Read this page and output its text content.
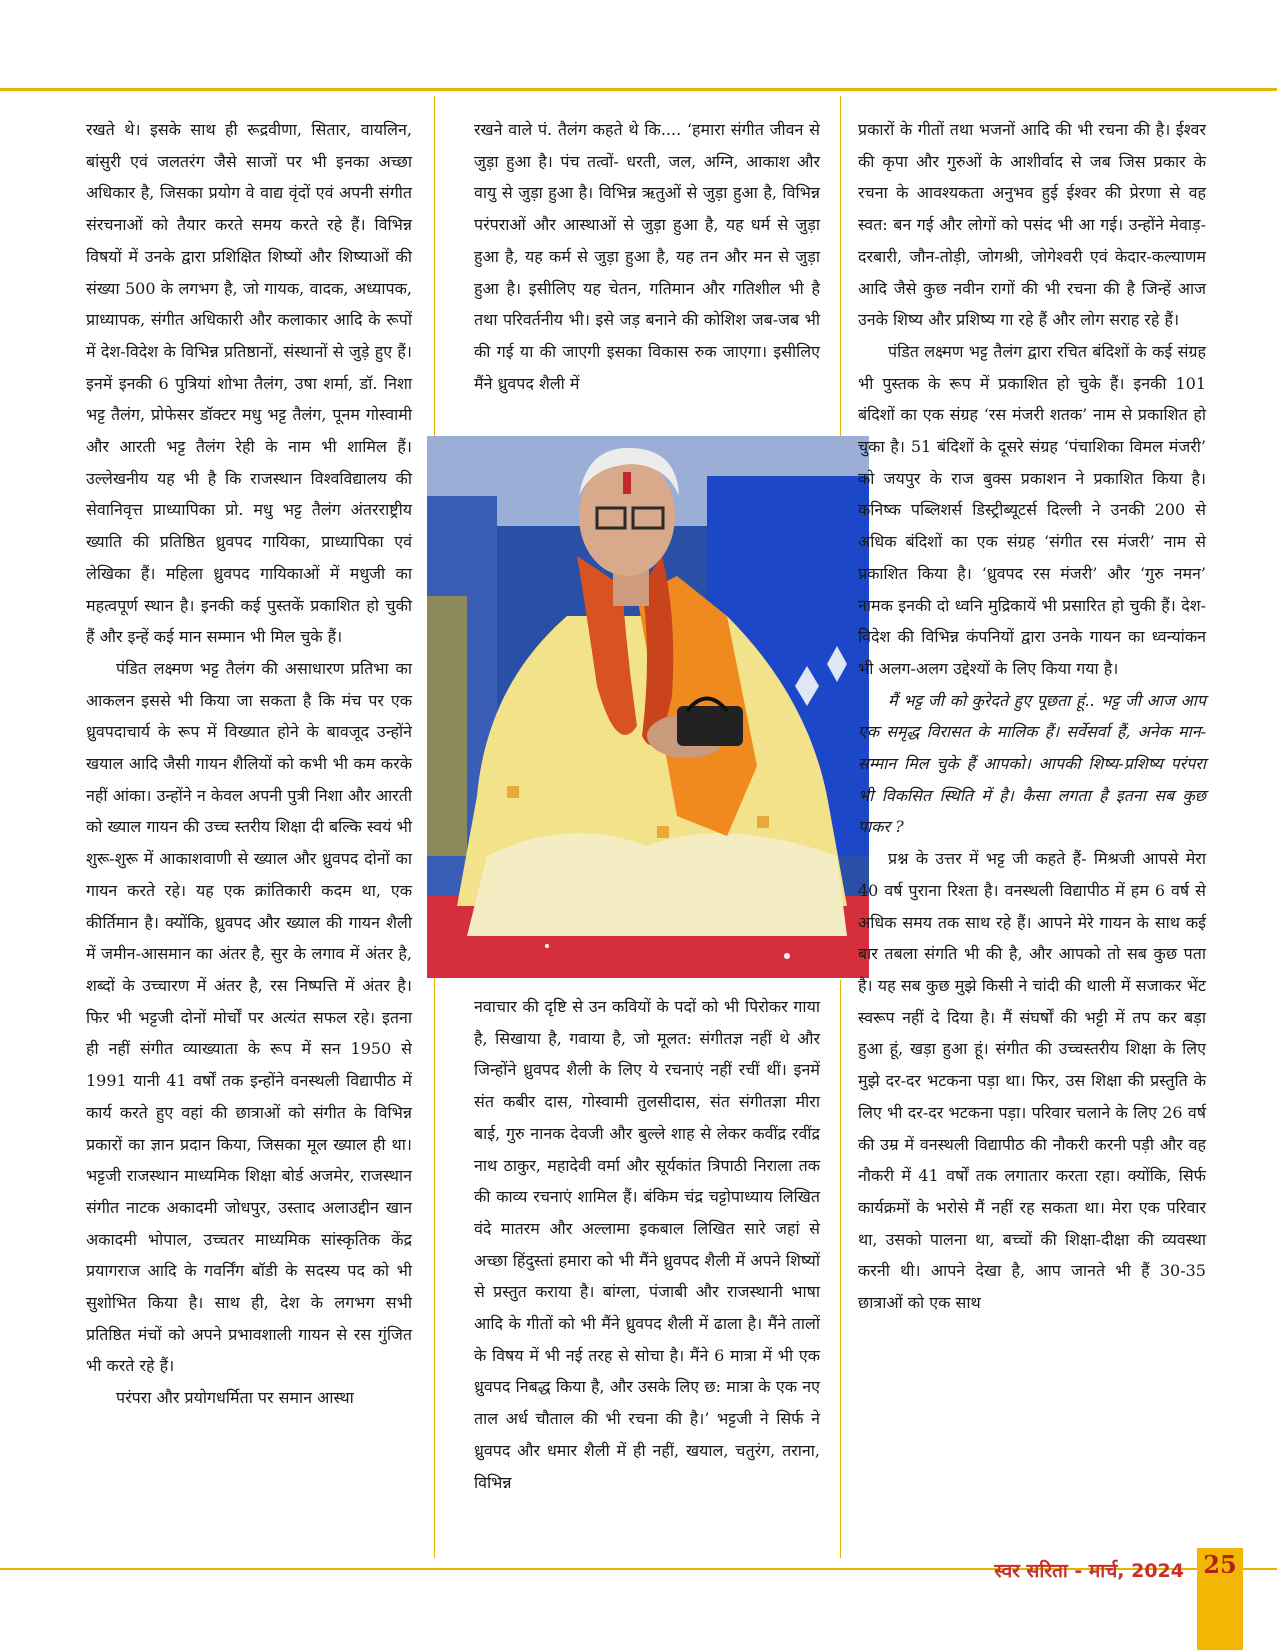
रखते थे। इसके साथ ही रूद्रवीणा, सितार, वायलिन, बांसुरी एवं जलतरंग जैसे साजों पर भी इनका अच्छा अधिकार है, जिसका प्रयोग वे वाद्य वृंदों एवं अपनी संगीत संरचनाओं को तैयार करते समय करते रहे हैं। विभिन्न विषयों में उनके द्वारा प्रशिक्षित शिष्यों और शिष्याओं की संख्या 500 के लगभग है, जो गायक, वादक, अध्यापक, प्राध्यापक, संगीत अधिकारी और कलाकार आदि के रूपों में देश-विदेश के विभिन्न प्रतिष्ठानों, संस्थानों से जुड़े हुए हैं। इनमें इनकी 6 पुत्रियां शोभा तैलंग, उषा शर्मा, डॉ. निशा भट्ट तैलंग, प्रोफेसर डॉक्टर मधु भट्ट तैलंग, पूनम गोस्वामी और आरती भट्ट तैलंग रेही के नाम भी शामिल हैं। उल्लेखनीय यह भी है कि राजस्थान विश्वविद्यालय की सेवानिवृत्त प्राध्यापिका प्रो. मधु भट्ट तैलंग अंतरराष्ट्रीय ख्याति की प्रतिष्ठित ध्रुवपद गायिका, प्राध्यापिका एवं लेखिका हैं। महिला ध्रुवपद गायिकाओं में मधुजी का महत्वपूर्ण स्थान है। इनकी कई पुस्तकें प्रकाशित हो चुकी हैं और इन्हें कई मान सम्मान भी मिल चुके हैं।

पंडित लक्ष्मण भट्ट तैलंग की असाधारण प्रतिभा का आकलन इससे भी किया जा सकता है कि मंच पर एक ध्रुवपदाचार्य के रूप में विख्यात होने के बावजूद उन्होंने खयाल आदि जैसी गायन शैलियों को कभी भी कम करके नहीं आंका। उन्होंने न केवल अपनी पुत्री निशा और आरती को ख्याल गायन की उच्च स्तरीय शिक्षा दी बल्कि स्वयं भी शुरू-शुरू में आकाशवाणी से ख्याल और ध्रुवपद दोनों का गायन करते रहे। यह एक क्रांतिकारी कदम था, एक कीर्तिमान है। क्योंकि, ध्रुवपद और ख्याल की गायन शैली में जमीन-आसमान का अंतर है, सुर के लगाव में अंतर है, शब्दों के उच्चारण में अंतर है, रस निष्पत्ति में अंतर है। फिर भी भट्टजी दोनों मोर्चों पर अत्यंत सफल रहे। इतना ही नहीं संगीत व्याख्याता के रूप में सन 1950 से 1991 यानी 41 वर्षों तक इन्होंने वनस्थली विद्यापीठ में कार्य करते हुए वहां की छात्राओं को संगीत के विभिन्न प्रकारों का ज्ञान प्रदान किया, जिसका मूल ख्याल ही था। भट्टजी राजस्थान माध्यमिक शिक्षा बोर्ड अजमेर, राजस्थान संगीत नाटक अकादमी जोधपुर, उस्ताद अलाउद्दीन खान अकादमी भोपाल, उच्चतर माध्यमिक सांस्कृतिक केंद्र प्रयागराज आदि के गवर्निंग बॉडी के सदस्य पद को भी सुशोभित किया है। साथ ही, देश के लगभग सभी प्रतिष्ठित मंचों को अपने प्रभावशाली गायन से रस गुंजित भी करते रहे हैं।

परंपरा और प्रयोगधर्मिता पर समान आस्था

रखने वाले पं. तैलंग कहते थे कि.... ‘हमारा संगीत जीवन से जुड़ा हुआ है। पंच तत्वों- धरती, जल, अग्नि, आकाश और वायु से जुड़ा हुआ है। विभिन्न ऋतुओं से जुड़ा हुआ है, विभिन्न परंपराओं और आस्थाओं से जुड़ा हुआ है, यह धर्म से जुड़ा हुआ है, यह कर्म से जुड़ा हुआ है, यह तन और मन से जुड़ा हुआ है। इसीलिए यह चेतन, गतिमान और गतिशील भी है तथा परिवर्तनीय भी। इसे जड़ बनाने की कोशिश जब-जब भी की गई या की जाएगी इसका विकास रुक जाएगा। इसीलिए मैंने ध्रुवपद शैली में

नवाचार की दृष्टि से उन कवियों के पदों को भी पिरोकर गाया है, सिखाया है, गवाया है, जो मूलत: संगीतज्ञ नहीं थे और जिन्होंने ध्रुवपद शैली के लिए ये रचनाएं नहीं रचीं थीं। इनमें संत कबीर दास, गोस्वामी तुलसीदास, संत संगीतज्ञा मीरा बाई, गुरु नानक देवजी और बुल्ले शाह से लेकर कवींद्र रवींद्र नाथ ठाकुर, महादेवी वर्मा और सूर्यकांत त्रिपाठी निराला तक की काव्य रचनाएं शामिल हैं। बंकिम चंद्र चट्टोपाध्याय लिखित वंदे मातरम और अल्लामा इकबाल लिखित सारे जहां से अच्छा हिंदुस्तां हमारा को भी मैंने ध्रुवपद शैली में अपने शिष्यों से प्रस्तुत कराया है। बांग्ला, पंजाबी और राजस्थानी भाषा आदि के गीतों को भी मैंने ध्रुवपद शैली में ढाला है। मैंने तालों के विषय में भी नई तरह से सोचा है। मैंने 6 मात्रा में भी एक ध्रुवपद निबद्ध किया है, और उसके लिए छ: मात्रा के एक नए ताल अर्ध चौताल की भी रचना की है।’ भट्टजी ने सिर्फ ने ध्रुवपद और धमार शैली में ही नहीं, खयाल, चतुरंग, तराना, विभिन्न

प्रकारों के गीतों तथा भजनों आदि की भी रचना की है। ईश्वर की कृपा और गुरुओं के आशीर्वाद से जब जिस प्रकार के रचना के आवश्यकता अनुभव हुई ईश्वर की प्रेरणा से वह स्वत: बन गई और लोगों को पसंद भी आ गई। उन्होंने मेवाड़-दरबारी, जौन-तोड़ी, जोगश्री, जोगेश्वरी एवं केदार-कल्याणम आदि जैसे कुछ नवीन रागों की भी रचना की है जिन्हें आज उनके शिष्य और प्रशिष्य गा रहे हैं और लोग सराह रहे हैं।

पंडित लक्ष्मण भट्ट तैलंग द्वारा रचित बंदिशों के कई संग्रह भी पुस्तक के रूप में प्रकाशित हो चुके हैं। इनकी 101 बंदिशों का एक संग्रह ‘रस मंजरी शतक’ नाम से प्रकाशित हो चुका है। 51 बंदिशों के दूसरे संग्रह ‘पंचाशिका विमल मंजरी’ को जयपुर के राज बुक्स प्रकाशन ने प्रकाशित किया है। कनिष्क पब्लिशर्स डिस्ट्रीब्यूटर्स दिल्ली ने उनकी 200 से अधिक बंदिशों का एक संग्रह ‘संगीत रस मंजरी’ नाम से प्रकाशित किया है। ‘ध्रुवपद रस मंजरी’ और ‘गुरु नमन’ नामक इनकी दो ध्वनि मुद्रिकायें भी प्रसारित हो चुकी हैं। देश-विदेश की विभिन्न कंपनियों द्वारा उनके गायन का ध्वन्यांकन भी अलग-अलग उद्देश्यों के लिए किया गया है।

मैं भट्ट जी को कुरेदते हुए पूछता हूं.. भट्ट जी आज आप एक समृद्ध विरासत के मालिक हैं। सर्वेसर्वा हैं, अनेक मान-सम्मान मिल चुके हैं आपको। आपकी शिष्य-प्रशिष्य परंपरा भी विकसित स्थिति में है। कैसा लगता है इतना सब कुछ पाकर ?

प्रश्न के उत्तर में भट्ट जी कहते हैं- मिश्रजी आपसे मेरा 40 वर्ष पुराना रिश्ता है। वनस्थली विद्यापीठ में हम 6 वर्ष से अधिक समय तक साथ रहे हैं। आपने मेरे गायन के साथ कई बार तबला संगति भी की है, और आपको तो सब कुछ पता है। यह सब कुछ मुझे किसी ने चांदी की थाली में सजाकर भेंट स्वरूप नहीं दे दिया है। मैं संघर्षों की भट्टी में तप कर बड़ा हुआ हूं, खड़ा हुआ हूं। संगीत की उच्चस्तरीय शिक्षा के लिए मुझे दर-दर भटकना पड़ा था। फिर, उस शिक्षा की प्रस्तुति के लिए भी दर-दर भटकना पड़ा। परिवार चलाने के लिए 26 वर्ष की उम्र में वनस्थली विद्यापीठ की नौकरी करनी पड़ी और वह नौकरी में 41 वर्षों तक लगातार करता रहा। क्योंकि, सिर्फ कार्यक्रमों के भरोसे मैं नहीं रह सकता था। मेरा एक परिवार था, उसको पालना था, बच्चों की शिक्षा-दीक्षा की व्यवस्था करनी थी। आपने देखा है, आप जानते भी हैं 30-35 छात्राओं को एक साथ

स्वर सरिता - मार्च, 2024 25
